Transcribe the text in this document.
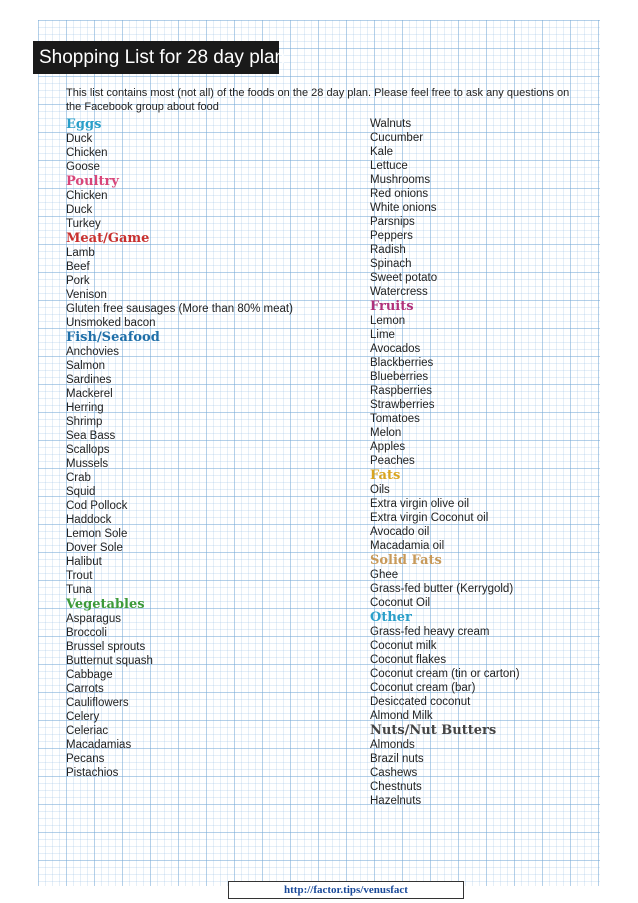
Shopping List for 28 day plan
This list contains most (not all) of the foods on the 28 day plan. Please feel free to ask any questions on the Facebook group about food
Eggs
Duck
Chicken
Goose
Poultry
Chicken
Duck
Turkey
Meat/Game
Lamb
Beef
Pork
Venison
Gluten free sausages (More than 80% meat)
Unsmoked bacon
Fish/Seafood
Anchovies
Salmon
Sardines
Mackerel
Herring
Shrimp
Sea Bass
Scallops
Mussels
Crab
Squid
Cod Pollock
Haddock
Lemon Sole
Dover Sole
Halibut
Trout
Tuna
Vegetables
Asparagus
Broccoli
Brussel sprouts
Butternut squash
Cabbage
Carrots
Cauliflowers
Celery
Celeriac
Macadamias
Pecans
Pistachios
Walnuts
Cucumber
Kale
Lettuce
Mushrooms
Red onions
White onions
Parsnips
Peppers
Radish
Spinach
Sweet potato
Watercress
Fruits
Lemon
Lime
Avocados
Blackberries
Blueberries
Raspberries
Strawberries
Tomatoes
Melon
Apples
Peaches
Fats
Oils
Extra virgin olive oil
Extra virgin Coconut oil
Avocado oil
Macadamia oil
Solid Fats
Ghee
Grass-fed butter (Kerrygold)
Coconut Oil
Other
Grass-fed heavy cream
Coconut milk
Coconut flakes
Coconut cream (tin or carton)
Coconut cream (bar)
Desiccated coconut
Almond Milk
Nuts/Nut Butters
Almonds
Brazil nuts
Cashews
Chestnuts
Hazelnuts
http://factor.tips/venusfact
